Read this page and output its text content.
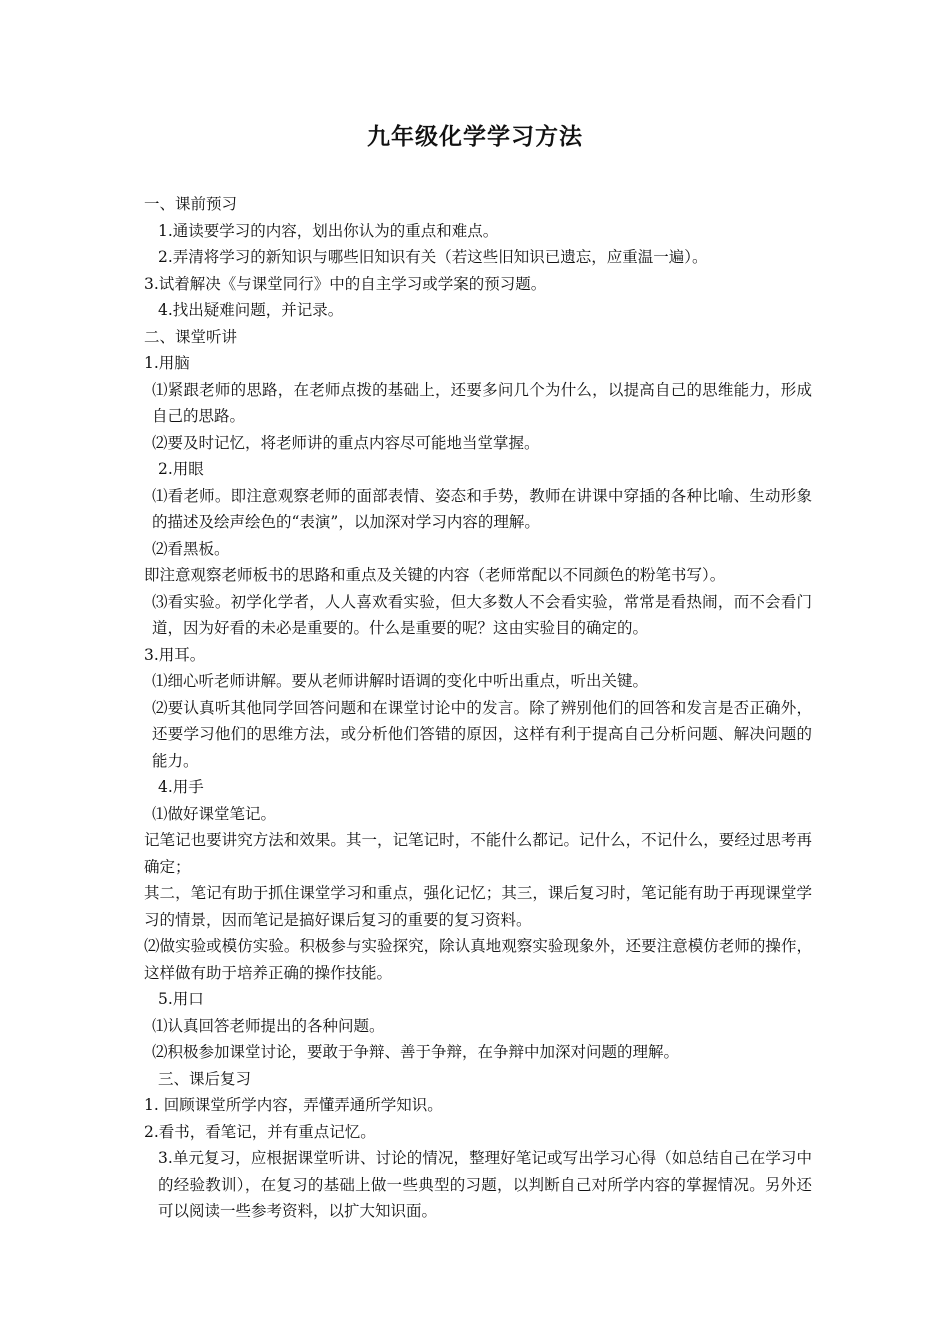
九年级化学学习方法
一、课前预习
1.通读要学习的内容，划出你认为的重点和难点。
2.弄清将学习的新知识与哪些旧知识有关（若这些旧知识已遗忘，应重温一遍）。
3.试着解决《与课堂同行》中的自主学习或学案的预习题。
4.找出疑难问题，并记录。
二、课堂听讲
1.用脑
⑴紧跟老师的思路，在老师点拨的基础上，还要多问几个为什么，以提高自己的思维能力，形成自己的思路。
⑵要及时记忆，将老师讲的重点内容尽可能地当堂掌握。
2.用眼
⑴看老师。即注意观察老师的面部表情、姿态和手势，教师在讲课中穿插的各种比喻、生动形象的描述及绘声绘色的“表演”，以加深对学习内容的理解。
⑵看黑板。
即注意观察老师板书的思路和重点及关键的内容（老师常配以不同颜色的粉笔书写）。
⑶看实验。初学化学者，人人喜欢看实验，但大多数人不会看实验，常常是看热闹，而不会看门道，因为好看的未必是重要的。什么是重要的呢？这由实验目的确定的。
3.用耳。
⑴细心听老师讲解。要从老师讲解时语调的变化中听出重点，听出关键。
⑵要认真听其他同学回答问题和在课堂讨论中的发言。除了辨别他们的回答和发言是否正确外，还要学习他们的思维方法，或分析他们答错的原因，这样有利于提高自己分析问题、解决问题的能力。
4.用手
⑴做好课堂笔记。
记笔记也要讲究方法和效果。其一，记笔记时，不能什么都记。记什么，不记什么，要经过思考再确定；
其二，笔记有助于抓住课堂学习和重点，强化记忆；其三，课后复习时，笔记能有助于再现课堂学习的情景，因而笔记是搞好课后复习的重要的复习资料。
⑵做实验或模仿实验。积极参与实验探究，除认真地观察实验现象外，还要注意模仿老师的操作，这样做有助于培养正确的操作技能。
5.用口
⑴认真回答老师提出的各种问题。
⑵积极参加课堂讨论，要敢于争辩、善于争辩，在争辩中加深对问题的理解。
三、课后复习
1. 回顾课堂所学内容，弄懂弄通所学知识。
2.看书，看笔记，并有重点记忆。
3.单元复习，应根据课堂听讲、讨论的情况，整理好笔记或写出学习心得（如总结自己在学习中的经验教训），在复习的基础上做一些典型的习题，以判断自己对所学内容的掌握情况。另外还可以阅读一些参考资料，以扩大知识面。
